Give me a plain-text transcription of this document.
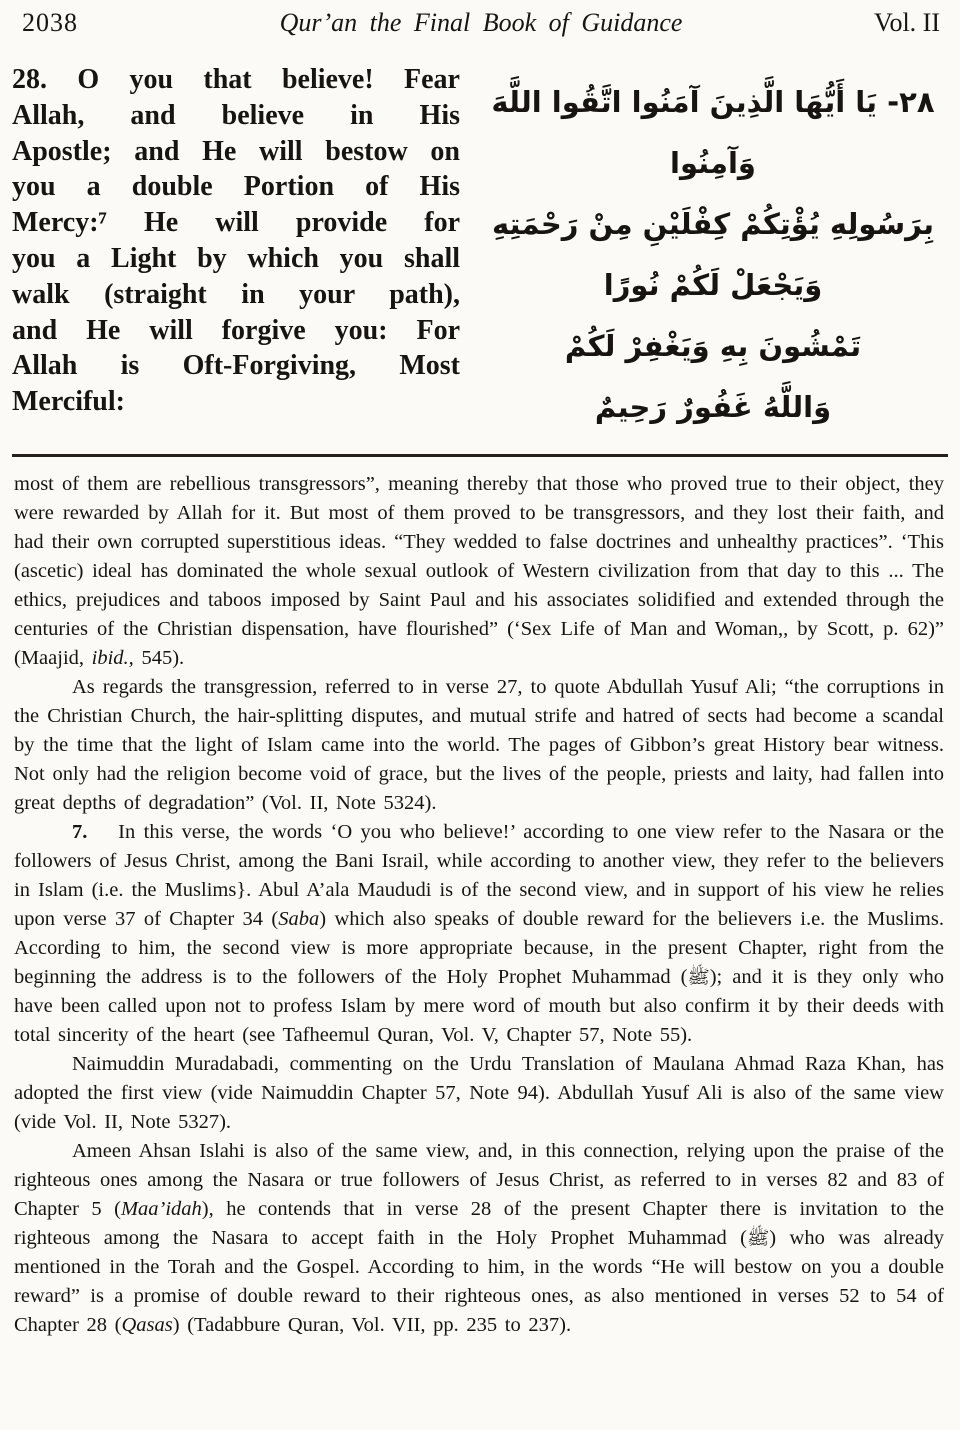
2038	Qur’an the Final Book of Guidance	Vol. II
28. O you that believe! Fear
Allah, and believe in His
Apostle; and He will bestow on
you a double Portion of His
Mercy:⁷ He will provide for
you a Light by which you shall
walk (straight in your path),
and He will forgive you: For
Allah is Oft-Forgiving, Most
Merciful:
٢٨- يَا أَيُّهَا الَّذِينَ آمَنُوا اتَّقُوا اللَّهَ وَآمِنُوا
بِرَسُولِهِ يُؤْتِكُمْ كِفْلَيْنِ مِنْ رَحْمَتِهِ
وَيَجْعَلْ لَكُمْ نُورًا
تَمْشُونَ بِهِ وَيَغْفِرْ لَكُمْ
وَاللَّهُ غَفُورٌ رَحِيمٌ

most of them are rebellious transgressors”, meaning thereby that those who proved true to their object, they were rewarded by Allah for it. But most of them proved to be transgressors, and they lost their faith, and had their own corrupted superstitious ideas. “They wedded to false doctrines and unhealthy practices”. ‘This (ascetic) ideal has dominated the whole sexual outlook of Western civilization from that day to this ... The ethics, prejudices and taboos imposed by Saint Paul and his associates solidified and extended through the centuries of the Christian dispensation, have flourished” (‘Sex Life of Man and Woman,, by Scott, p. 62)” (Maajid, ibid., 545).

As regards the transgression, referred to in verse 27, to quote Abdullah Yusuf Ali; “the corruptions in the Christian Church, the hair-splitting disputes, and mutual strife and hatred of sects had become a scandal by the time that the light of Islam came into the world. The pages of Gibbon’s great History bear witness. Not only had the religion become void of grace, but the lives of the people, priests and laity, had fallen into great depths of degradation” (Vol. II, Note 5324).

7.   In this verse, the words ‘O you who believe!’ according to one view refer to the Nasara or the followers of Jesus Christ, among the Bani Israil, while according to another view, they refer to the believers in Islam (i.e. the Muslims}. Abul A’ala Maududi is of the second view, and in support of his view he relies upon verse 37 of Chapter 34 (Saba) which also speaks of double reward for the believers i.e. the Muslims. According to him, the second view is more appropriate because, in the present Chapter, right from the beginning the address is to the followers of the Holy Prophet Muhammad (ﷺ); and it is they only who have been called upon not to profess Islam by mere word of mouth but also confirm it by their deeds with total sincerity of the heart (see Tafheemul Quran, Vol. V, Chapter 57, Note 55).

Naimuddin Muradabadi, commenting on the Urdu Translation of Maulana Ahmad Raza Khan, has adopted the first view (vide Naimuddin Chapter 57, Note 94). Abdullah Yusuf Ali is also of the same view (vide Vol. II, Note 5327).

Ameen Ahsan Islahi is also of the same view, and, in this connection, relying upon the praise of the righteous ones among the Nasara or true followers of Jesus Christ, as referred to in verses 82 and 83 of Chapter 5 (Maa’idah), he contends that in verse 28 of the present Chapter there is invitation to the righteous among the Nasara to accept faith in the Holy Prophet Muhammad (ﷺ) who was already mentioned in the Torah and the Gospel. According to him, in the words “He will bestow on you a double reward” is a promise of double reward to their righteous ones, as also mentioned in verses 52 to 54 of Chapter 28 (Qasas) (Tadabbure Quran, Vol. VII, pp. 235 to 237).
